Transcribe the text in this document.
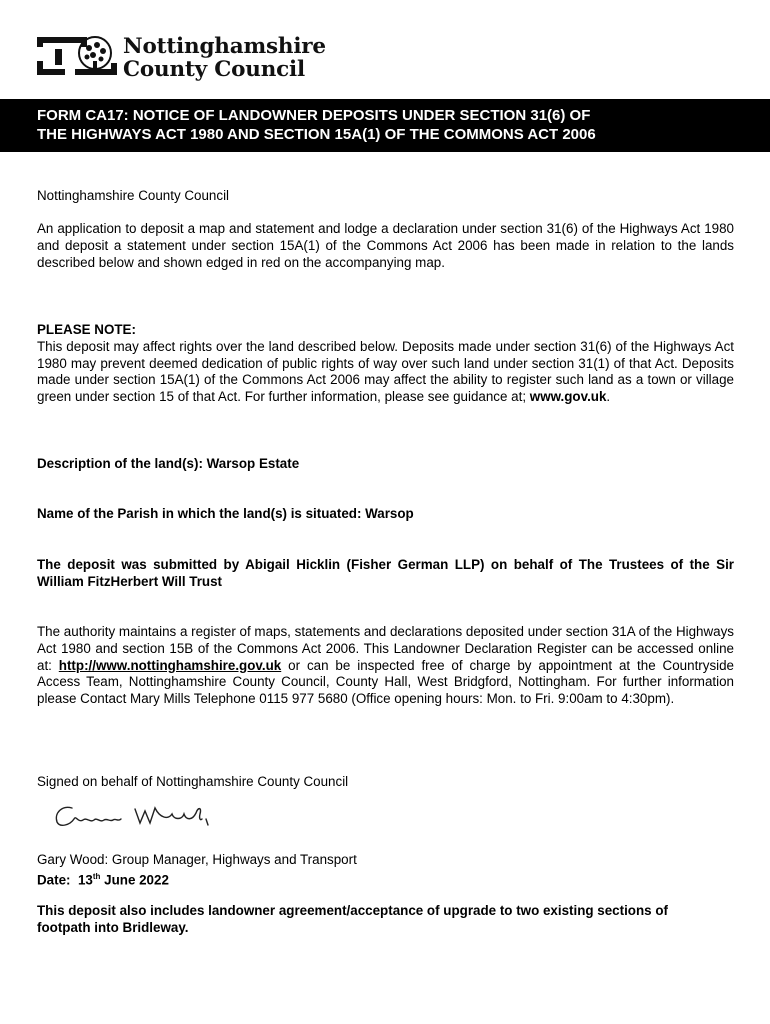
Nottinghamshire
County Council
FORM CA17: NOTICE OF LANDOWNER DEPOSITS UNDER SECTION 31(6) OF
THE HIGHWAYS ACT 1980 AND SECTION 15A(1) OF THE COMMONS ACT 2006
Nottinghamshire County Council
An application to deposit a map and statement and lodge a declaration under section 31(6) of the Highways Act 1980 and deposit a statement under section 15A(1) of the Commons Act 2006 has been made in relation to the lands described below and shown edged in red on the accompanying map.
PLEASE NOTE:
This deposit may affect rights over the land described below. Deposits made under section 31(6) of the Highways Act 1980 may prevent deemed dedication of public rights of way over such land under section 31(1) of that Act. Deposits made under section 15A(1) of the Commons Act 2006 may affect the ability to register such land as a town or village green under section 15 of that Act. For further information, please see guidance at; www.gov.uk.
Description of the land(s): Warsop Estate
Name of the Parish in which the land(s) is situated: Warsop
The deposit was submitted by Abigail Hicklin (Fisher German LLP) on behalf of The Trustees of the Sir William FitzHerbert Will Trust
The authority maintains a register of maps, statements and declarations deposited under section 31A of the Highways Act 1980 and section 15B of the Commons Act 2006. This Landowner Declaration Register can be accessed online at: http://www.nottinghamshire.gov.uk or can be inspected free of charge by appointment at the Countryside Access Team, Nottinghamshire County Council, County Hall, West Bridgford, Nottingham. For further information please Contact Mary Mills Telephone 0115 977 5680 (Office opening hours: Mon. to Fri. 9:00am to 4:30pm).
Signed on behalf of Nottinghamshire County Council
Gary Wood: Group Manager, Highways and Transport
Date: 13th June 2022
This deposit also includes landowner agreement/acceptance of upgrade to two existing sections of footpath into Bridleway.
